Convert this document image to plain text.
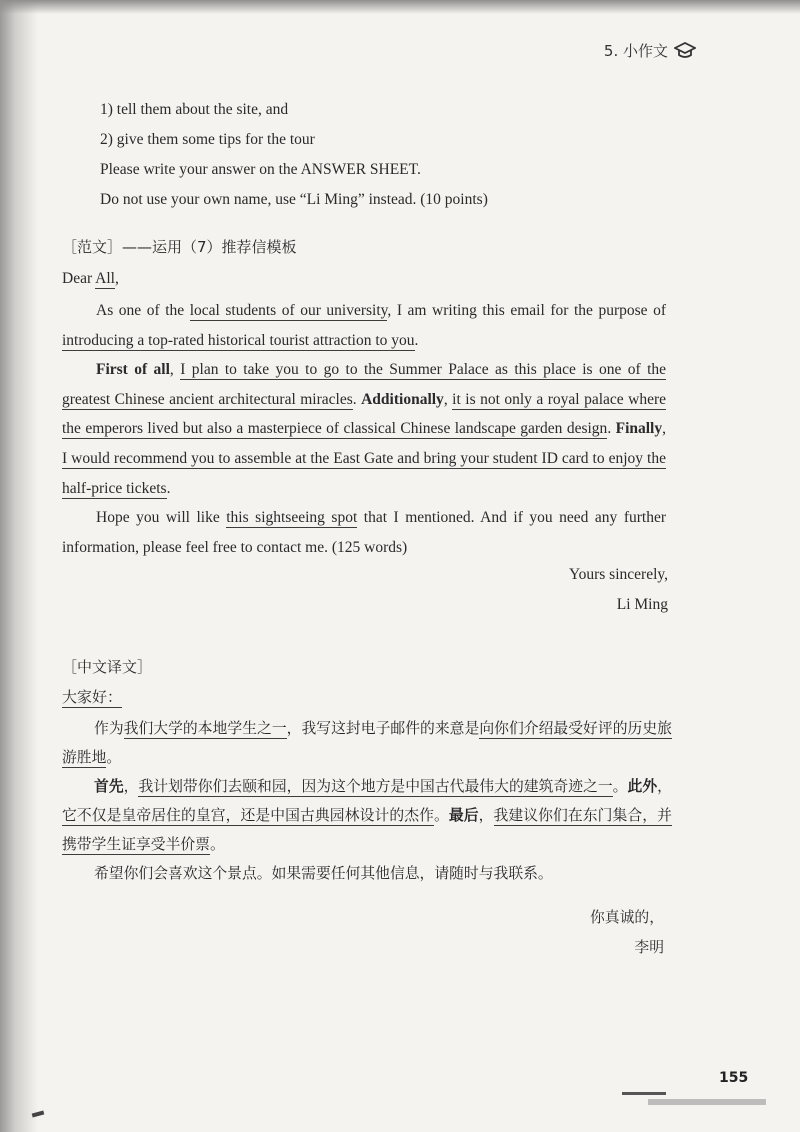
5. 小作文
1) tell them about the site, and
2) give them some tips for the tour
Please write your answer on the ANSWER SHEET.
Do not use your own name, use “Li Ming” instead. (10 points)
［范文］——运用（7）推荐信模板
Dear All,

As one of the local students of our university, I am writing this email for the purpose of introducing a top-rated historical tourist attraction to you.

First of all, I plan to take you to go to the Summer Palace as this place is one of the greatest Chinese ancient architectural miracles. Additionally, it is not only a royal palace where the emperors lived but also a masterpiece of classical Chinese landscape garden design. Finally, I would recommend you to assemble at the East Gate and bring your student ID card to enjoy the half-price tickets.

Hope you will like this sightseeing spot that I mentioned. And if you need any further information, please feel free to contact me. (125 words)

Yours sincerely,
Li Ming
［中文译文］
大家好：

作为我们大学的本地学生之一，我写这封电子邮件的来意是向你们介绍最受好评的历史旅游胜地。

首先，我计划带你们去颐和园，因为这个地方是中国古代最伟大的建筑奇迹之一。此外，它不仅是皇帝居住的皇宫，还是中国古典园林设计的杰作。最后，我建议你们在东门集合，并携带学生证享受半价票。

希望你们会喜欢这个景点。如果需要任何其他信息，请随时与我联系。

你真诚的，
李明
155
